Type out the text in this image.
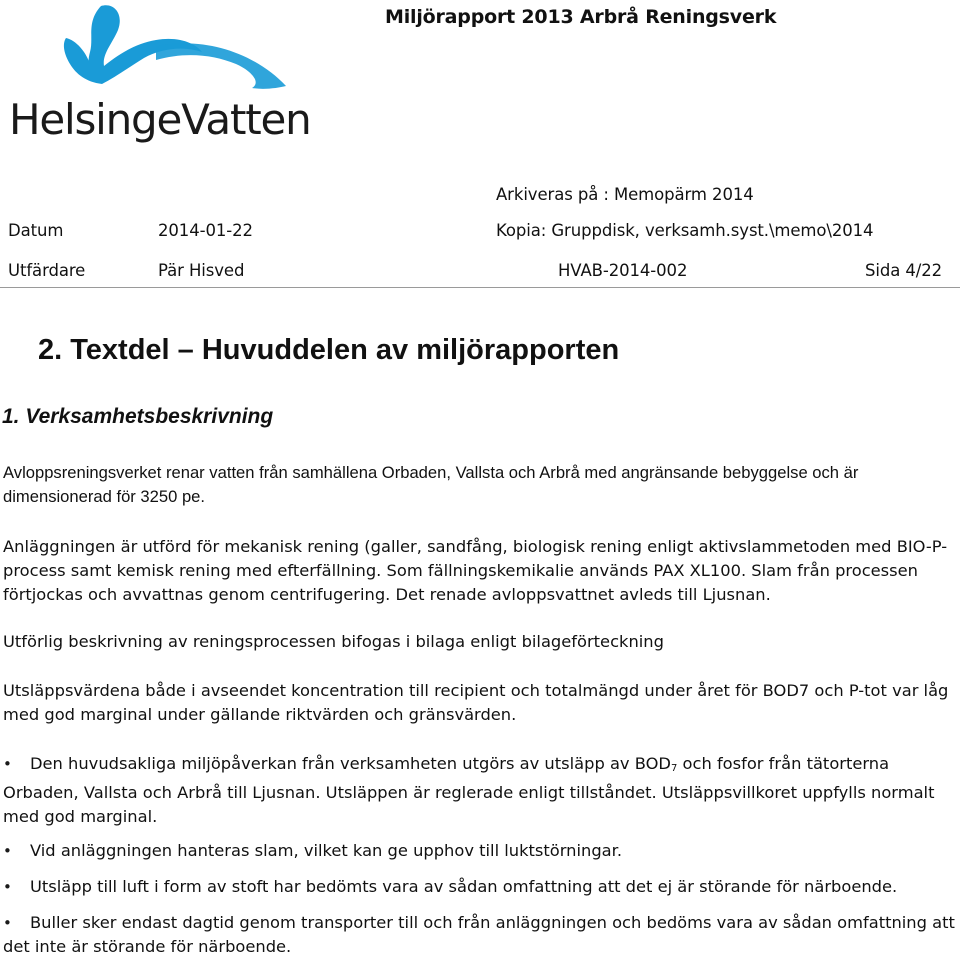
HelsingeVatten
Miljörapport 2013 Arbrå Reningsverk
Arkiveras på : Memopärm 2014
Datum	2014-01-22	Kopia: Gruppdisk, verksamh.syst.\memo\2014
Utfärdare	Pär Hisved	HVAB-2014-002	Sida 4/22
2. Textdel – Huvuddelen av miljörapporten
1. Verksamhetsbeskrivning

Avloppsreningsverket renar vatten från samhällena Orbaden, Vallsta och Arbrå med angränsande bebyggelse och är dimensionerad för 3250 pe.

Anläggningen är utförd för mekanisk rening (galler, sandfång, biologisk rening enligt aktivslammetoden med BIO-P-process samt kemisk rening med efterfällning. Som fällningskemikalie används PAX XL100. Slam från processen förtjockas och avvattnas genom centrifugering. Det renade avloppsvattnet avleds till Ljusnan.

Utförlig beskrivning av reningsprocessen bifogas i bilaga enligt bilageförteckning

Utsläppsvärdena både i avseendet koncentration till recipient och totalmängd under året för BOD7 och P-tot var låg med god marginal under gällande riktvärden och gränsvärden.

•	Den huvudsakliga miljöpåverkan från verksamheten utgörs av utsläpp av $BOD_7$ och fosfor från tätorterna Orbaden, Vallsta och Arbrå till Ljusnan. Utsläppen är reglerade enligt tillståndet. Utsläppsvillkoret uppfylls normalt med god marginal.

•	Vid anläggningen hanteras slam, vilket kan ge upphov till luktstörningar.

•	Utsläpp till luft i form av stoft har bedömts vara av sådan omfattning att det ej är störande för närboende.

•	Buller sker endast dagtid genom transporter till och från anläggningen och bedöms vara av sådan omfattning att det inte är störande för närboende.
